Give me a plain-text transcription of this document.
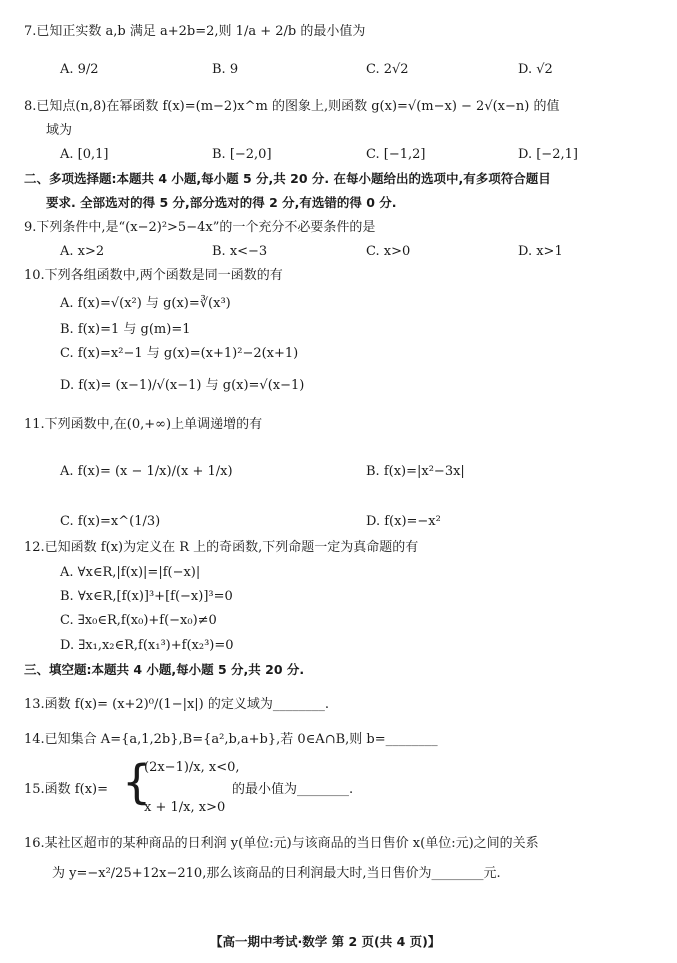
7.已知正实数 a,b 满足 a+2b=2,则 1/a + 2/b 的最小值为
A. 9/2	B. 9	C. 2√2	D. √2
8.已知点(n,8)在幂函数 f(x)=(m−2)x^m 的图象上,则函数 g(x)=√(m−x) − 2√(x−n) 的值
域为
A. [0,1]	B. [−2,0]	C. [−1,2]	D. [−2,1]
二、多项选择题:本题共 4 小题,每小题 5 分,共 20 分. 在每小题给出的选项中,有多项符合题目
要求. 全部选对的得 5 分,部分选对的得 2 分,有选错的得 0 分.
9.下列条件中,是“(x−2)²>5−4x”的一个充分不必要条件的是
A. x>2	B. x<−3	C. x>0	D. x>1
10.下列各组函数中,两个函数是同一函数的有
A. f(x)=√(x²) 与 g(x)=∛(x³)
B. f(x)=1 与 g(m)=1
C. f(x)=x²−1 与 g(x)=(x+1)²−2(x+1)
D. f(x)= (x−1)/√(x−1) 与 g(x)=√(x−1)
11.下列函数中,在(0,+∞)上单调递增的有
A. f(x)= (x − 1/x)/(x + 1/x)	B. f(x)=|x²−3x|
C. f(x)=x^(1/3)	D. f(x)=−x²
12.已知函数 f(x)为定义在 R 上的奇函数,下列命题一定为真命题的有
A. ∀x∈R,|f(x)|=|f(−x)|
B. ∀x∈R,[f(x)]³+[f(−x)]³=0
C. ∃x₀∈R,f(x₀)+f(−x₀)≠0
D. ∃x₁,x₂∈R,f(x₁³)+f(x₂³)=0
三、填空题:本题共 4 小题,每小题 5 分,共 20 分.
13.函数 f(x)= (x+2)⁰/(1−|x|) 的定义域为________.
14.已知集合 A={a,1,2b},B={a²,b,a+b},若 0∈A∩B,则 b=________
15.函数 f(x)= {
(2x−1)/x, x<0,
x + 1/x, x>0
的最小值为________.
16.某社区超市的某种商品的日利润 y(单位:元)与该商品的当日售价 x(单位:元)之间的关系
为 y=−x²/25+12x−210,那么该商品的日利润最大时,当日售价为________元.
【高一期中考试·数学 第 2 页(共 4 页)】
